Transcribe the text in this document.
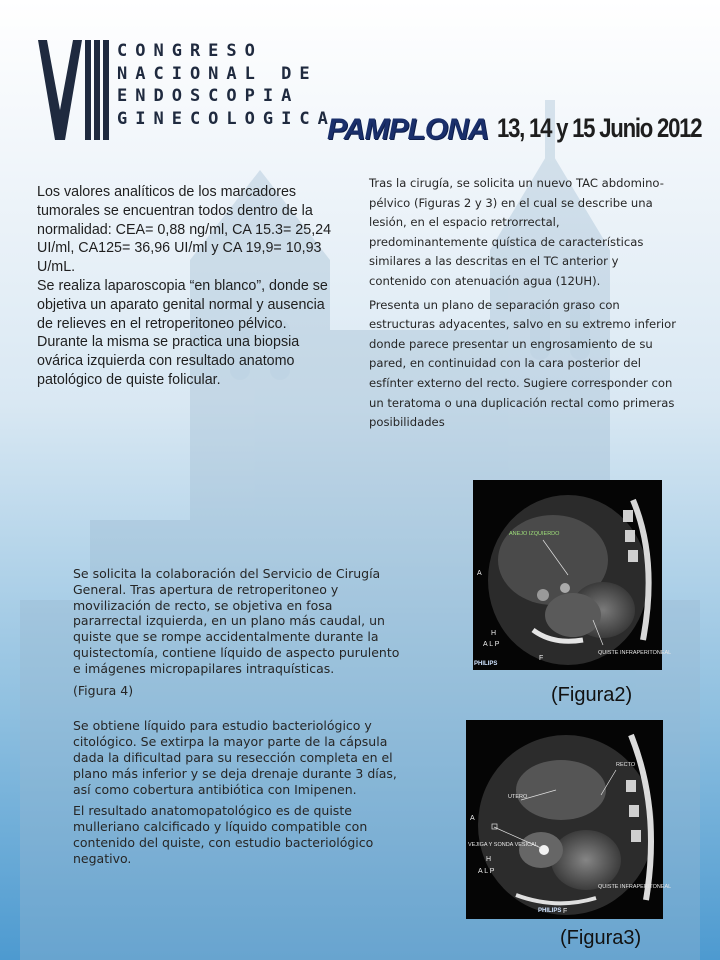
CONGRESO
NACIONAL DE
ENDOSCOPIA
GINECOLOGICA
PAMPLONA 13, 14 y 15 Junio 2012

Los valores analíticos de los marcadores tumorales se encuentran todos dentro de la normalidad: CEA= 0,88 ng/ml, CA 15.3= 25,24 UI/ml, CA125= 36,96 UI/ml y CA 19,9= 10,93 U/mL.

Se realiza laparoscopia “en blanco”, donde se objetiva un aparato genital normal y ausencia de relieves en el retroperitoneo pélvico. Durante la misma se practica una biopsia ovárica izquierda con resultado anatomo patológico de quiste folicular.

Tras la cirugía, se solicita un nuevo TAC abdomino-pélvico (Figuras 2 y 3) en el cual se describe una lesión, en el espacio retrorrectal, predominantemente quística de características similares a las descritas en el TC anterior y contenido con atenuación agua (12UH).

Presenta un plano de separación graso con estructuras adyacentes, salvo en su extremo inferior donde parece presentar un engrosamiento de su pared, en continuidad con la cara posterior del esfínter externo del recto. Sugiere corresponder con un teratoma o una duplicación rectal como primeras posibilidades

Se solicita la colaboración del Servicio de Cirugía General. Tras apertura de retroperitoneo y movilización de recto, se objetiva en fosa pararrectal izquierda, en un plano más caudal, un quiste que se rompe accidentalmente durante la quistectomía, contiene líquido de aspecto purulento e imágenes micropapilares intraquísticas.

(Figura 4)

Se obtiene líquido para estudio bacteriológico y citológico. Se extirpa la mayor parte de la cápsula dada la dificultad para su resección completa en el plano más inferior y se deja drenaje durante 3 días, así como cobertura antibiótica con Imipenen.

El resultado anatomopatológico es de quiste mulleriano calcificado y líquido compatible con contenido del quiste, con estudio bacteriológico negativo.

ANEJO IZQUIERDO
QUISTE INFRAPERITONEAL
A
H
A L P
F
PHILIPS
(Figura2)
RECTO
UTERO
VEJIGA Y SONDA VESICAL
QUISTE INFRAPERITONEAL
A
H
A L P
F
PHILIPS
(Figura3)
